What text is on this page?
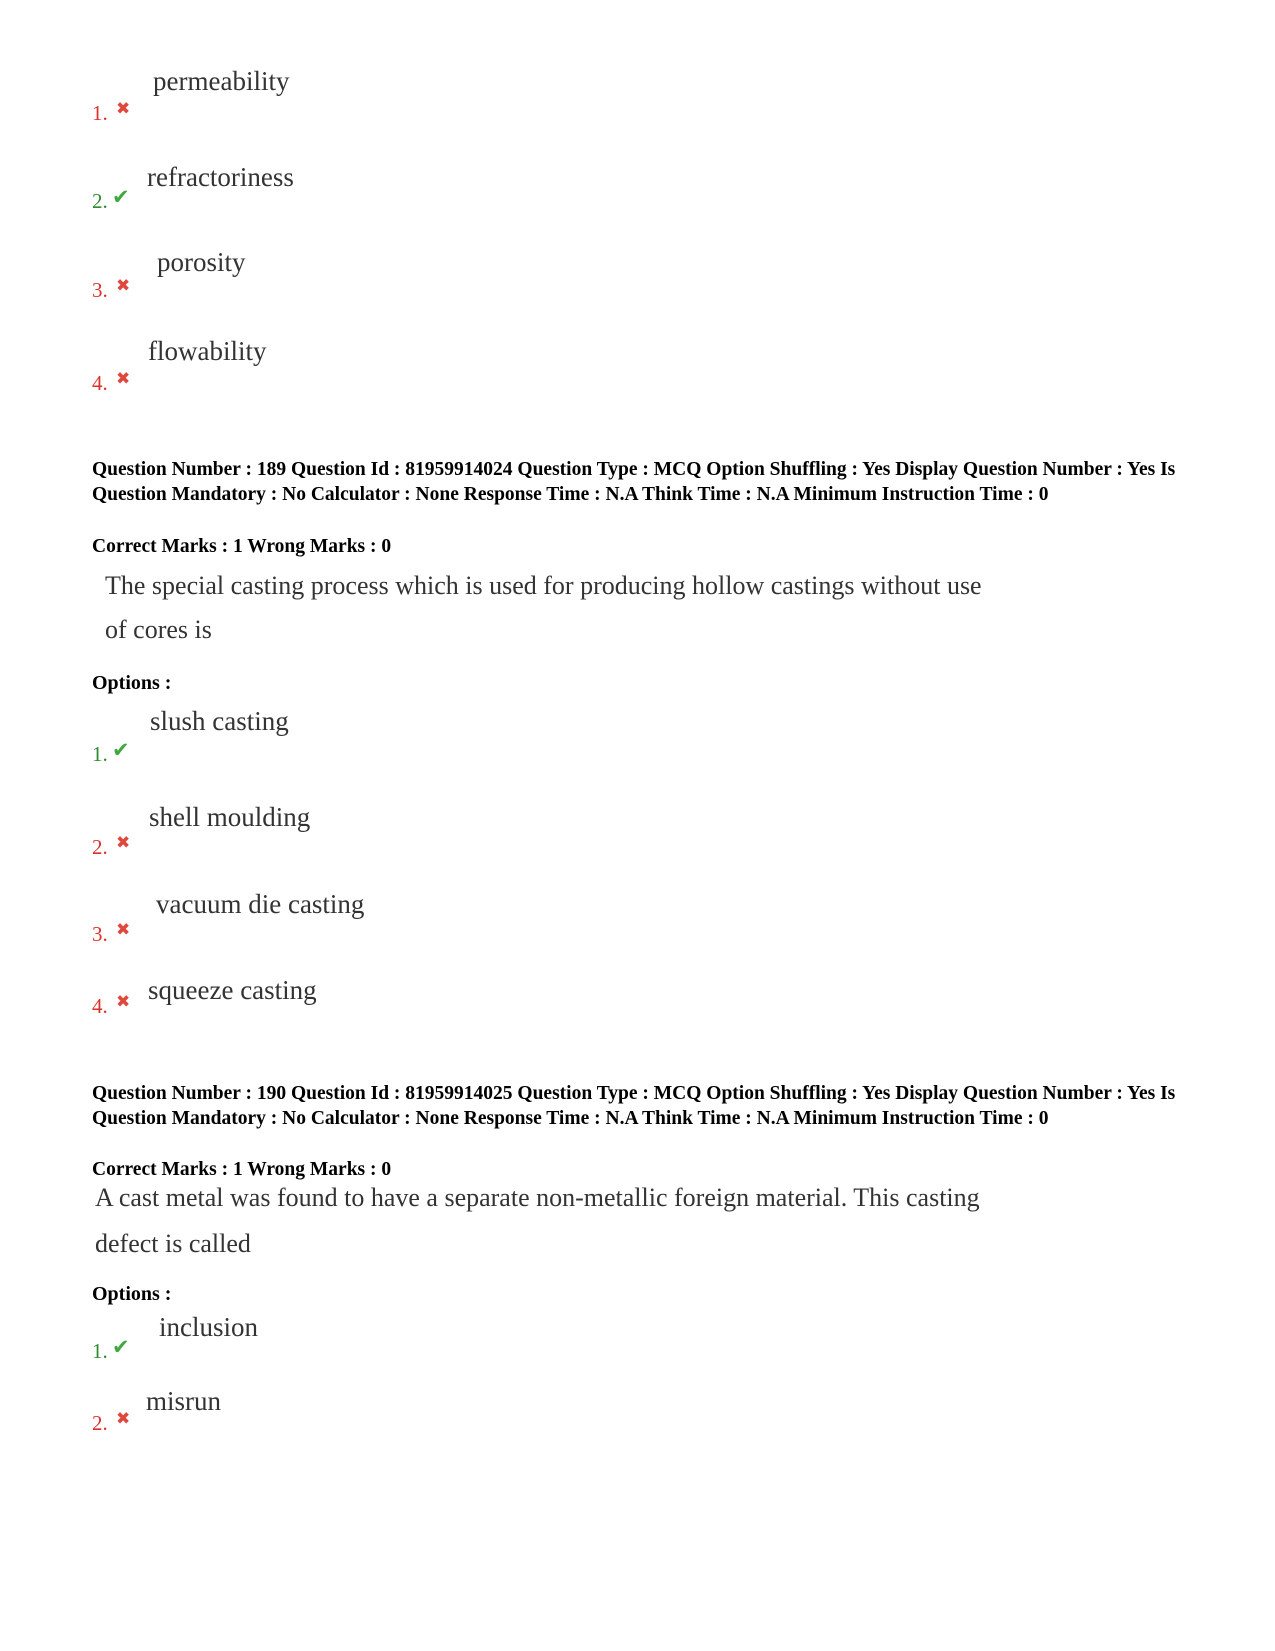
permeability
1. ✖
refractoriness
2. ✔
porosity
3. ✖
flowability
4. ✖
Question Number : 189 Question Id : 81959914024 Question Type : MCQ Option Shuffling : Yes Display Question Number : Yes Is Question Mandatory : No Calculator : None Response Time : N.A Think Time : N.A Minimum Instruction Time : 0
Correct Marks : 1 Wrong Marks : 0
The special casting process which is used for producing hollow castings without use
of cores is
Options :
slush casting
1. ✔
shell moulding
2. ✖
vacuum die casting
3. ✖
squeeze casting
4. ✖
Question Number : 190 Question Id : 81959914025 Question Type : MCQ Option Shuffling : Yes Display Question Number : Yes Is Question Mandatory : No Calculator : None Response Time : N.A Think Time : N.A Minimum Instruction Time : 0
Correct Marks : 1 Wrong Marks : 0
A cast metal was found to have a separate non-metallic foreign material. This casting
defect is called
Options :
inclusion
1. ✔
misrun
2. ✖
